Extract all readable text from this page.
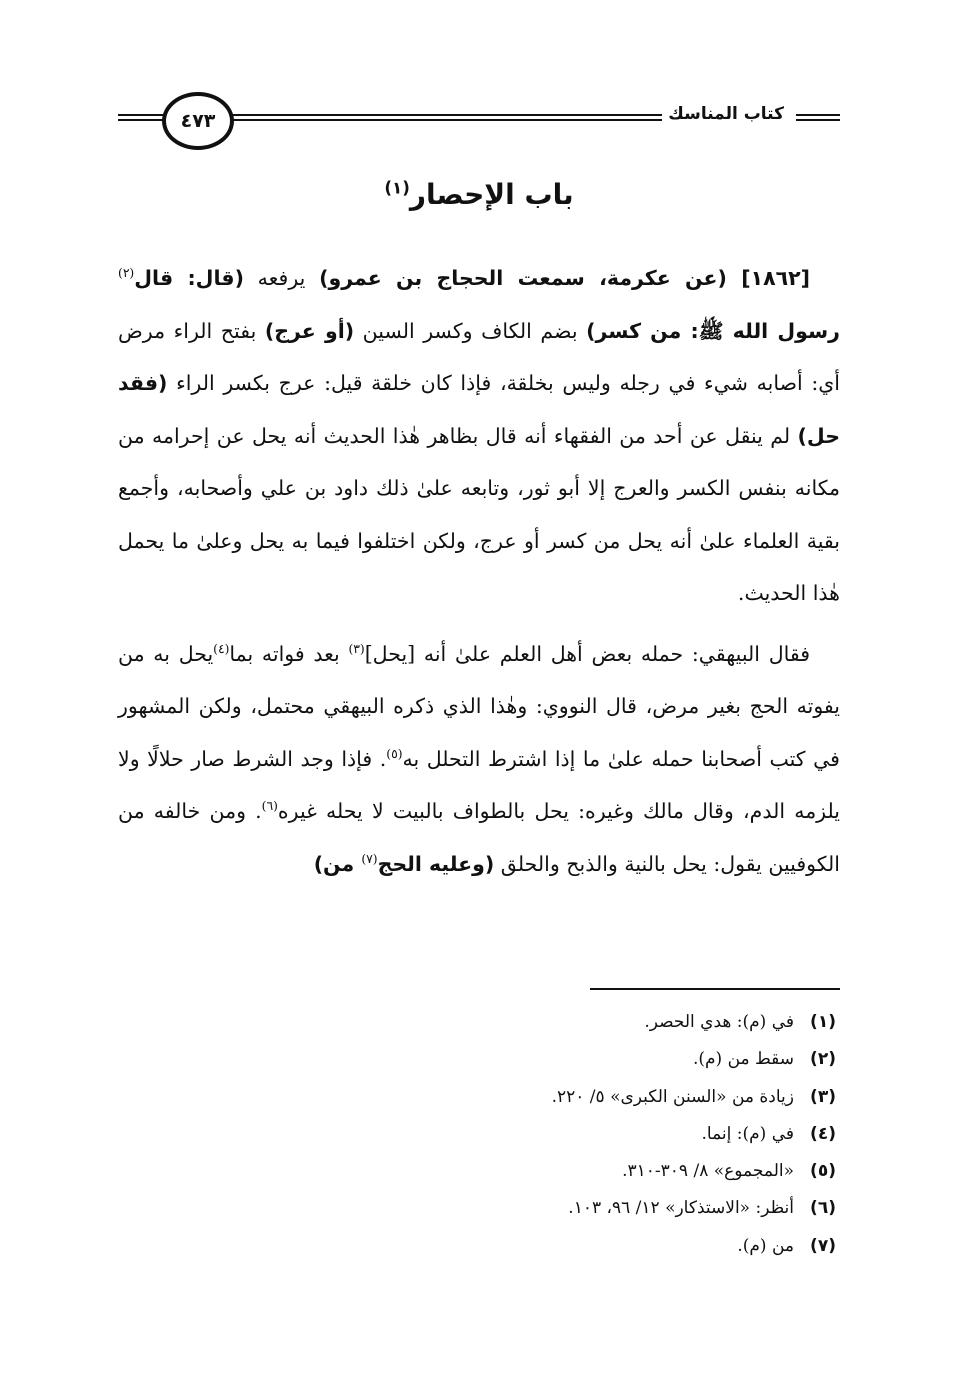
كتاب المناسك
٤٧٣
باب الإحصار$^{(١)}$

[١٨٦٢] (عن عكرمة، سمعت الحجاج بن عمرو) يرفعه (قال: قال$^{(٢)}$ رسول الله ﷺ: من كسر) بضم الكاف وكسر السين (أو عرج) بفتح الراء مرض أي: أصابه شيء في رجله وليس بخلقة، فإذا كان خلقة قيل: عرج بكسر الراء (فقد حل) لم ينقل عن أحد من الفقهاء أنه قال بظاهر هٰذا الحديث أنه يحل عن إحرامه من مكانه بنفس الكسر والعرج إلا أبو ثور، وتابعه علىٰ ذلك داود بن علي وأصحابه، وأجمع بقية العلماء علىٰ أنه يحل من كسر أو عرج، ولكن اختلفوا فيما به يحل وعلىٰ ما يحمل هٰذا الحديث.

فقال البيهقي: حمله بعض أهل العلم علىٰ أنه [يحل]$^{(٣)}$ بعد فواته بما$^{(٤)}$يحل به من يفوته الحج بغير مرض، قال النووي: وهٰذا الذي ذكره البيهقي محتمل، ولكن المشهور في كتب أصحابنا حمله علىٰ ما إذا اشترط التحلل به$^{(٥)}$. فإذا وجد الشرط صار حلالًا ولا يلزمه الدم، وقال مالك وغيره: يحل بالطواف بالبيت لا يحله غيره$^{(٦)}$. ومن خالفه من الكوفيين يقول: يحل بالنية والذبح والحلق (وعليه الحج$^{(٧)}$ من)

(١)في (م): هدي الحصر.
(٢)سقط من (م).
(٣)زيادة من «السنن الكبرى» ٥/ ٢٢٠.
(٤)في (م): إنما.
(٥)«المجموع» ٨/ ٣٠٩-٣١٠.
(٦)أنظر: «الاستذكار» ١٢/ ٩٦، ١٠٣.
(٧)من (م).
